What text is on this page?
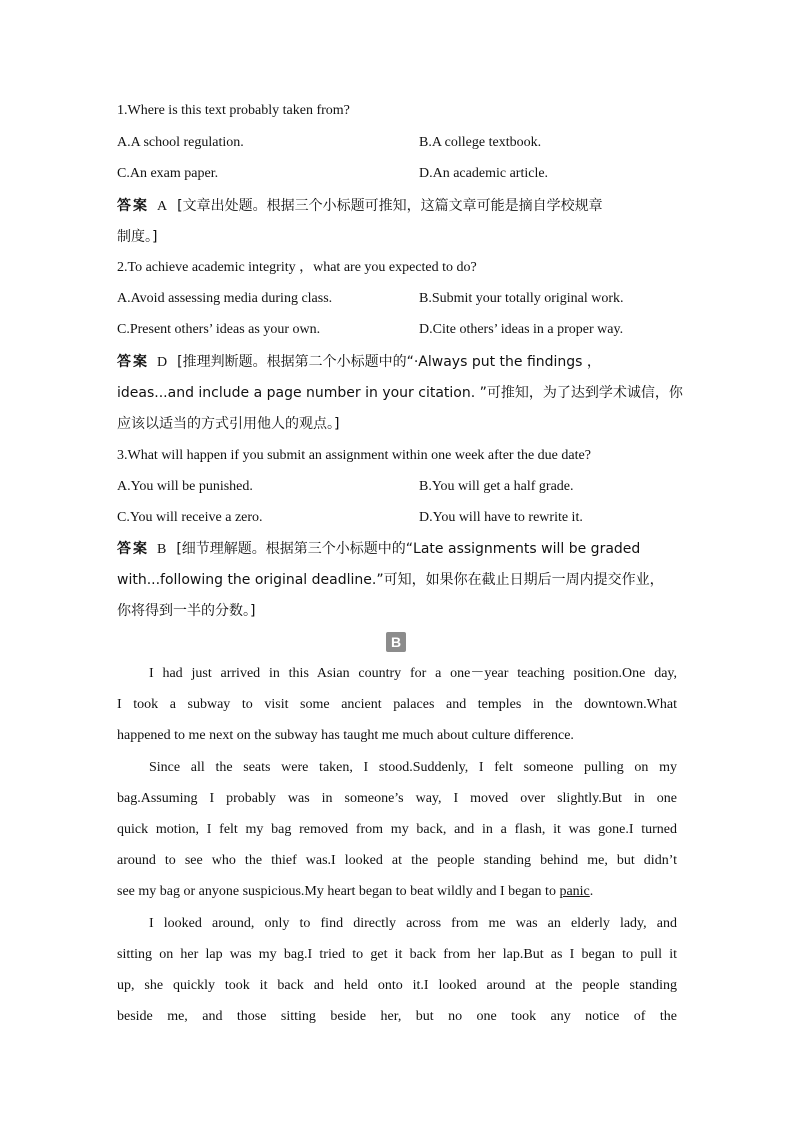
1.Where is this text probably taken from?
A.A school regulation.	B.A college textbook.
C.An exam paper.	D.An academic article.
答案 A [文章出处题。根据三个小标题可推知，这篇文章可能是摘自学校规章
制度。]
2.To achieve academic integrity ，what are you expected to do?
A.Avoid assessing media during class.	B.Submit your totally original work.
C.Present others’ ideas as your own.	D.Cite others’ ideas in a proper way.
答案 D [推理判断题。根据第二个小标题中的“·Always put the findings ，
ideas...and include a page number in your citation. ”可推知，为了达到学术诚信，你
应该以适当的方式引用他人的观点。]
3.What will happen if you submit an assignment within one week after the due date?
A.You will be punished.	B.You will get a half grade.
C.You will receive a zero.	D.You will have to rewrite it.
答案 B [细节理解题。根据第三个小标题中的“Late assignments will be graded
with...following the original deadline.”可知，如果你在截止日期后一周内提交作业，
你将得到一半的分数。]
B
I had just arrived in this Asian country for a one－year teaching position.One day,
I took a subway to visit some ancient palaces and temples in the downtown.What
happened to me next on the subway has taught me much about culture difference.
Since all the seats were taken, I stood.Suddenly, I felt someone pulling on my
bag.Assuming I probably was in someone’s way, I moved over slightly.But in one
quick motion, I felt my bag removed from my back, and in a flash, it was gone.I turned
around to see who the thief was.I looked at the people standing behind me, but didn’t
see my bag or anyone suspicious.My heart began to beat wildly and I began to panic.
I looked around, only to find directly across from me was an elderly lady, and
sitting on her lap was my bag.I tried to get it back from her lap.But as I began to pull it
up, she quickly took it back and held onto it.I looked around at the people standing
beside me, and those sitting beside her, but no one took any notice of the
